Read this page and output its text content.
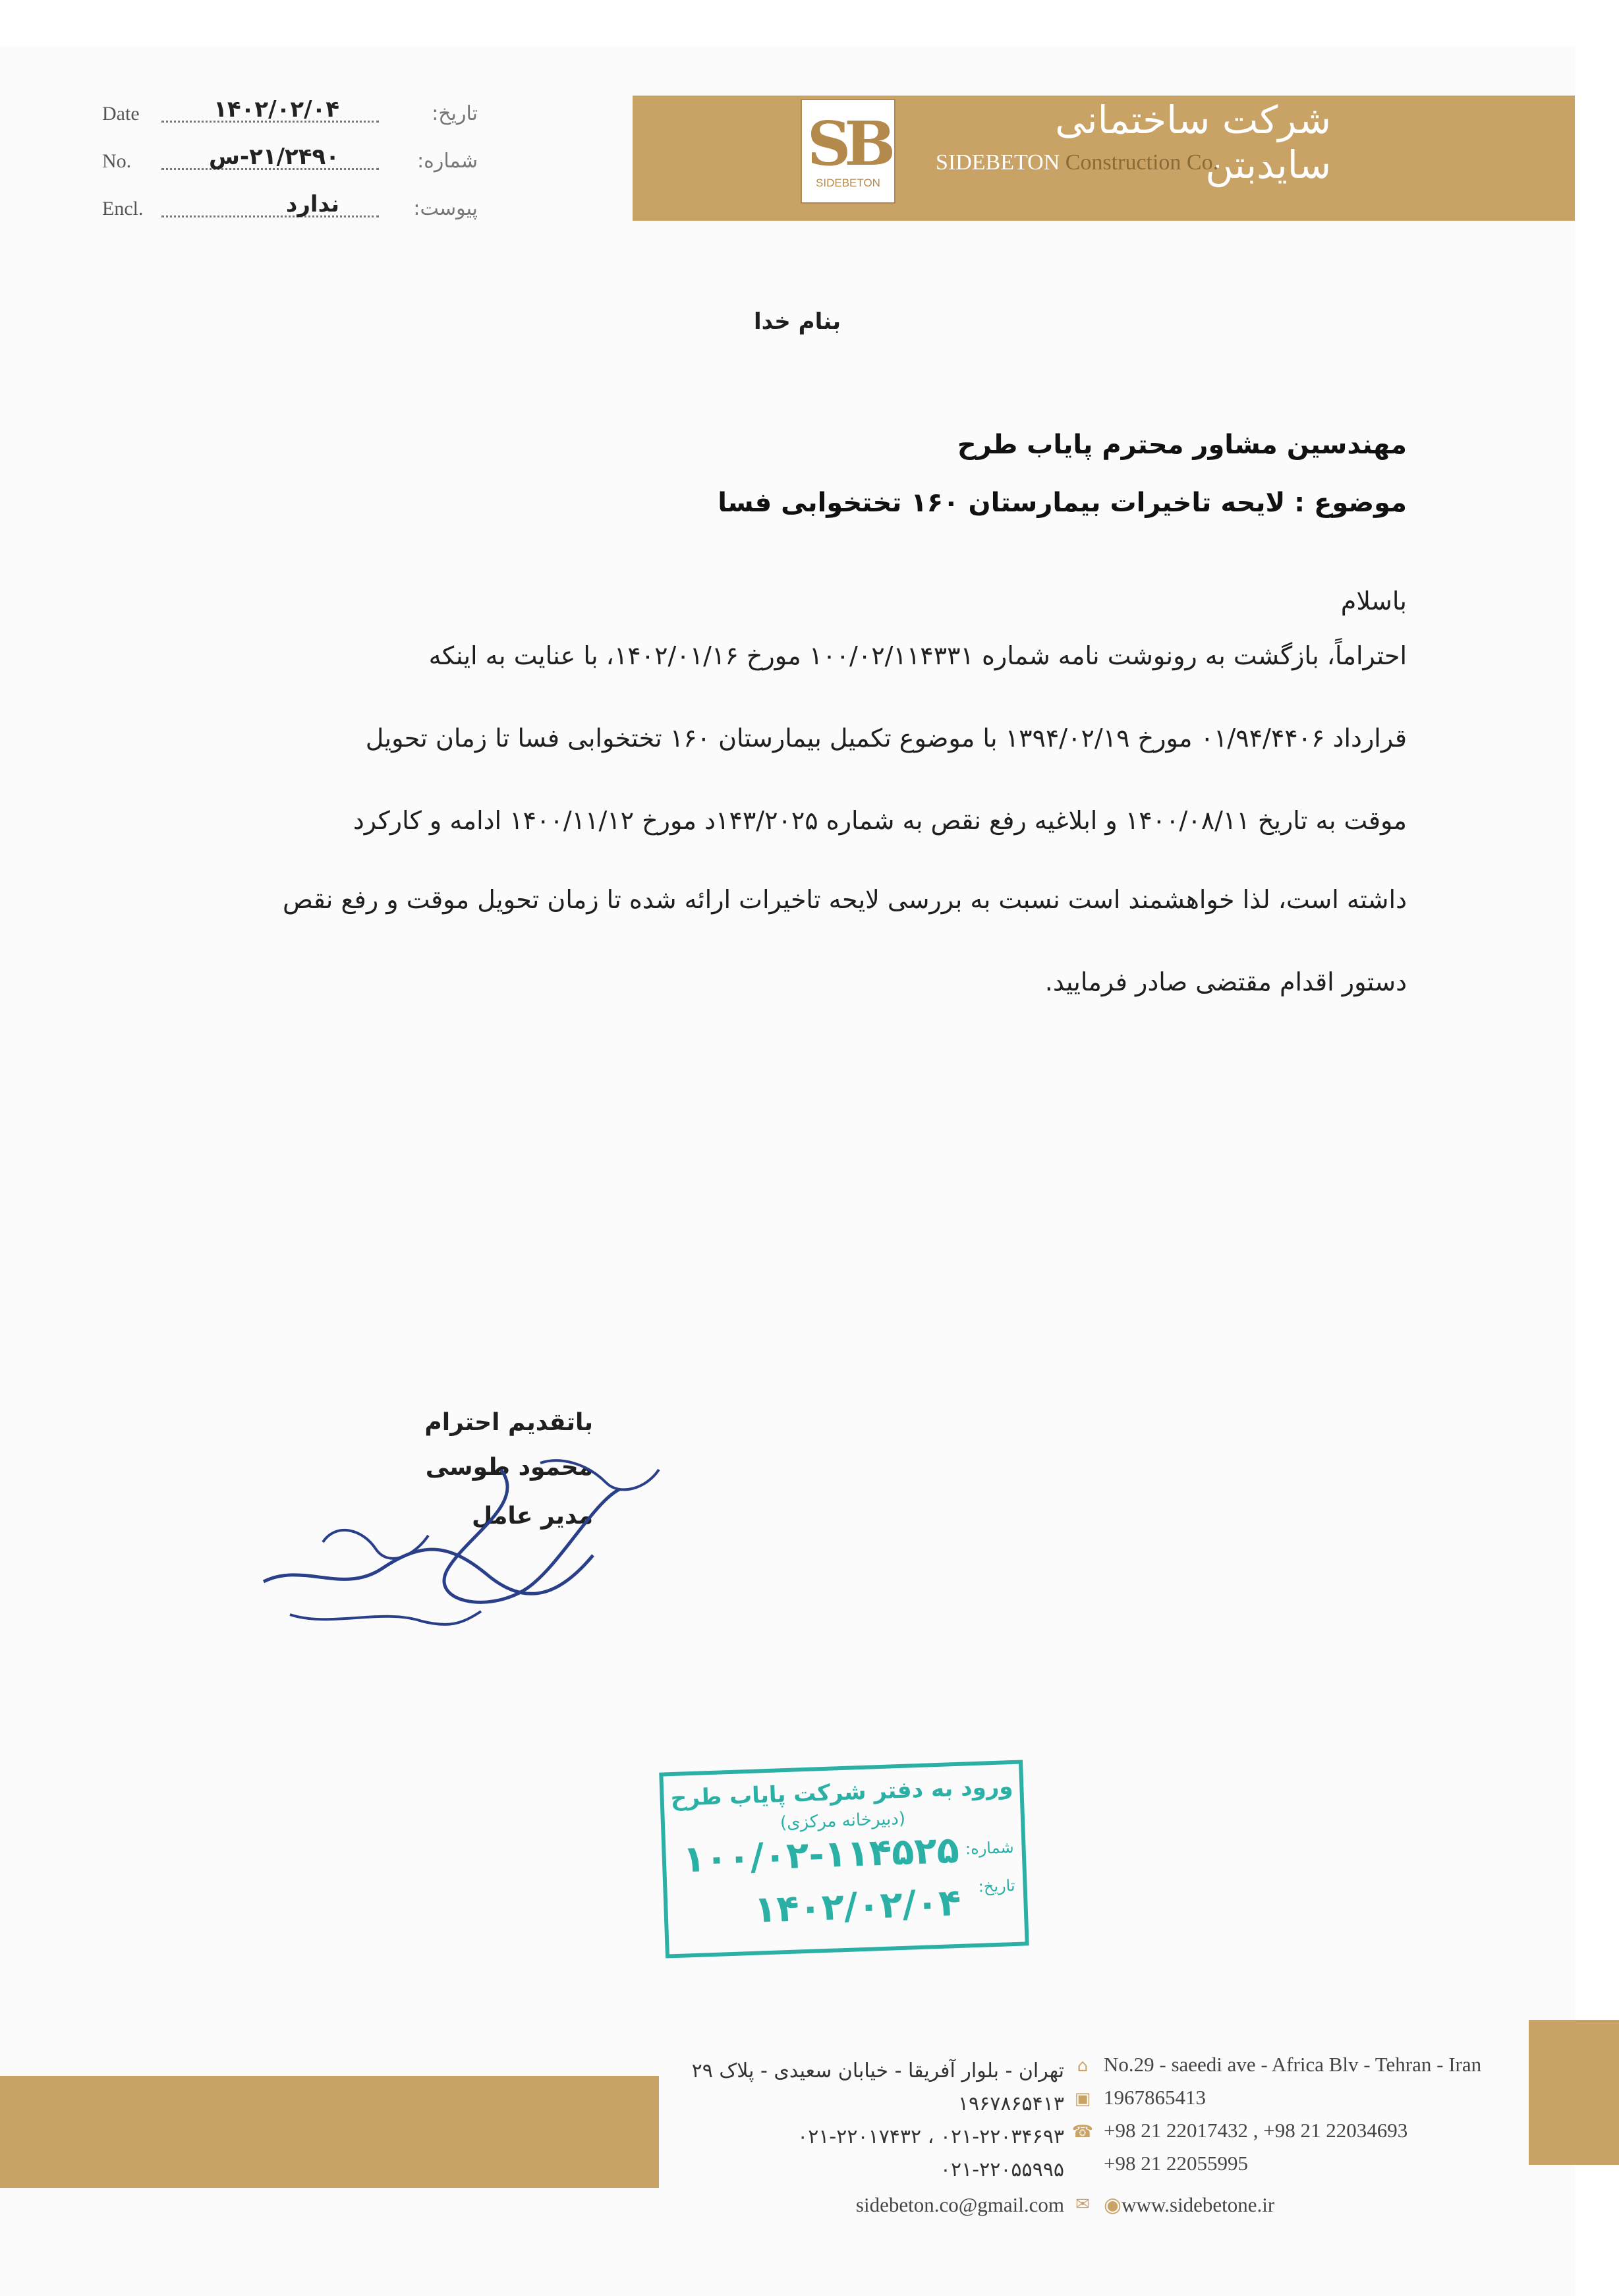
SB
SIDEBETON
شرکت ساختمانی سایدبتن
SIDEBETON Construction Co.
Date	۱۴۰۲/۰۲/۰۴	تاریخ:
No.	۲۱/۲۴۹۰-س	شماره:
Encl.	ندارد	پیوست:
بنام خدا
مهندسین مشاور محترم پایاب طرح
موضوع : لایحه تاخیرات بیمارستان ۱۶۰ تختخوابی فسا
باسلام
احتراماً، بازگشت به رونوشت نامه شماره ۱۰۰/۰۲/۱۱۴۳۳۱ مورخ ۱۴۰۲/۰۱/۱۶، با عنایت به اینکه
قرارداد ۰۱/۹۴/۴۴۰۶ مورخ ۱۳۹۴/۰۲/۱۹ با موضوع تکمیل بیمارستان ۱۶۰ تختخوابی فسا تا زمان تحویل
موقت به تاریخ ۱۴۰۰/۰۸/۱۱ و ابلاغیه رفع نقص به شماره ۱۴۳/۲۰۲۵د مورخ ۱۴۰۰/۱۱/۱۲ ادامه و کارکرد
داشته است، لذا خواهشمند است نسبت به بررسی لایحه تاخیرات ارائه شده تا زمان تحویل موقت و رفع نقص
دستور اقدام مقتضی صادر فرمایید.
باتقدیم احترام
محمود طوسی
مدیر عامل
ورود به دفتر شرکت پایاب طرح
(دبیرخانه مرکزی)
شماره:
۱۰۰/۰۲-۱۱۴۵۲۵
تاریخ:
۱۴۰۲/۰۲/۰۴
تهران - بلوار آفریقا - خیابان سعیدی - پلاک ۲۹ ⌂ No.29 - saeedi ave - Africa Blv - Tehran - Iran
۱۹۶۷۸۶۵۴۱۳ ▣ 1967865413
۰۲۱-۲۲۰۳۴۶۹۳ ، ۰۲۱-۲۲۰۱۷۴۳۲ ☎ +98 21 22017432 , +98 21 22034693
۰۲۱-۲۲۰۵۵۹۹۵ +98 21 22055995
sidebeton.co@gmail.com ✉ ◉www.sidebetone.ir
